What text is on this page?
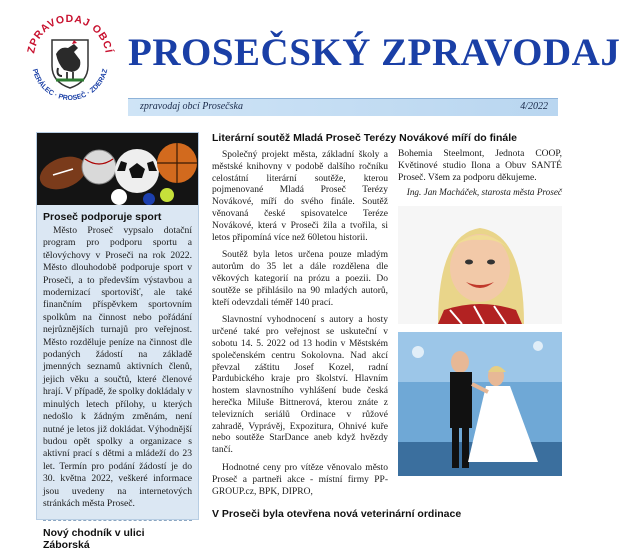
ZPRAVODAJ OBCÍ
PERÁLEC · PROSEČ · ZDERAZ PROSEČSKÝ ZPRAVODAJ
zpravodaj obcí Prosečska	4/2022
Proseč podporuje sport

Město Proseč vypsalo dotační program pro podporu sportu a tělovýchovy v Proseči na rok 2022. Město dlouhodobě podporuje sport v Proseči, a to především výstavbou a modernizací sportovišť, ale také finančním příspěvkem sportovním spolkům na činnost nebo pořádání nejrůznějších turnajů pro veřejnost. Město rozděluje peníze na činnost dle podaných žádostí na základě jmenných seznamů aktivních členů, jejich věku a součtů, které členové hrají. V případě, že spolky dokládaly v minulých letech přílohy, u kterých nedošlo k žádným změnám, není nutné je letos již dokládat. Výhodnější budou opět spolky a organizace s aktivní prací s dětmi a mládeží do 23 let. Termín pro podání žádostí je do 30. května 2022, veškeré informace jsou uvedeny na internetových stránkách města Proseč.

Nový chodník v ulici Záborská
Literární soutěž Mladá Proseč Terézy Novákové míří do finále

Společný projekt města, základní školy a městské knihovny v podobě dalšího ročníku celostátní literární soutěže, kterou pojmenované Mladá Proseč Terézy Novákové, míří do svého finále. Soutěž věnovaná české spisovatelce Teréze Novákové, která v Proseči žila a tvořila, si letos připomíná více než 60letou historii.

Soutěž byla letos určena pouze mladým autorům do 35 let a dále rozdělena dle věkových kategorií na prózu a poezii. Do soutěže se přihlásilo na 90 mladých autorů, kteří odevzdali téměř 140 prací.

Slavnostní vyhodnocení s autory a hosty určené také pro veřejnost se uskuteční v sobotu 14. 5. 2022 od 13 hodin v Městském společenském centru Sokolovna. Nad akcí převzal záštitu Josef Kozel, radní Pardubického kraje pro školství. Hlavním hostem slavnostního vyhlášení bude česká herečka Miluše Bittnerová, kterou znáte z televizních seriálů Ordinace v růžové zahradě, Vyprávěj, Expozitura, Ohnivé kuře nebo soutěže StarDance aneb když hvězdy tančí.

Hodnotné ceny pro vítěze věnovalo město Proseč a partneři akce - místní firmy PP-GROUP.cz, BPK, DIPRO,

Bohemia Steelmont, Jednota COOP, Květinové studio Ilona a Obuv SANTÉ Proseč. Všem za podporu děkujeme.

Ing. Jan Macháček, starosta města Proseč
V Proseči byla otevřena nová veterinární ordinace
